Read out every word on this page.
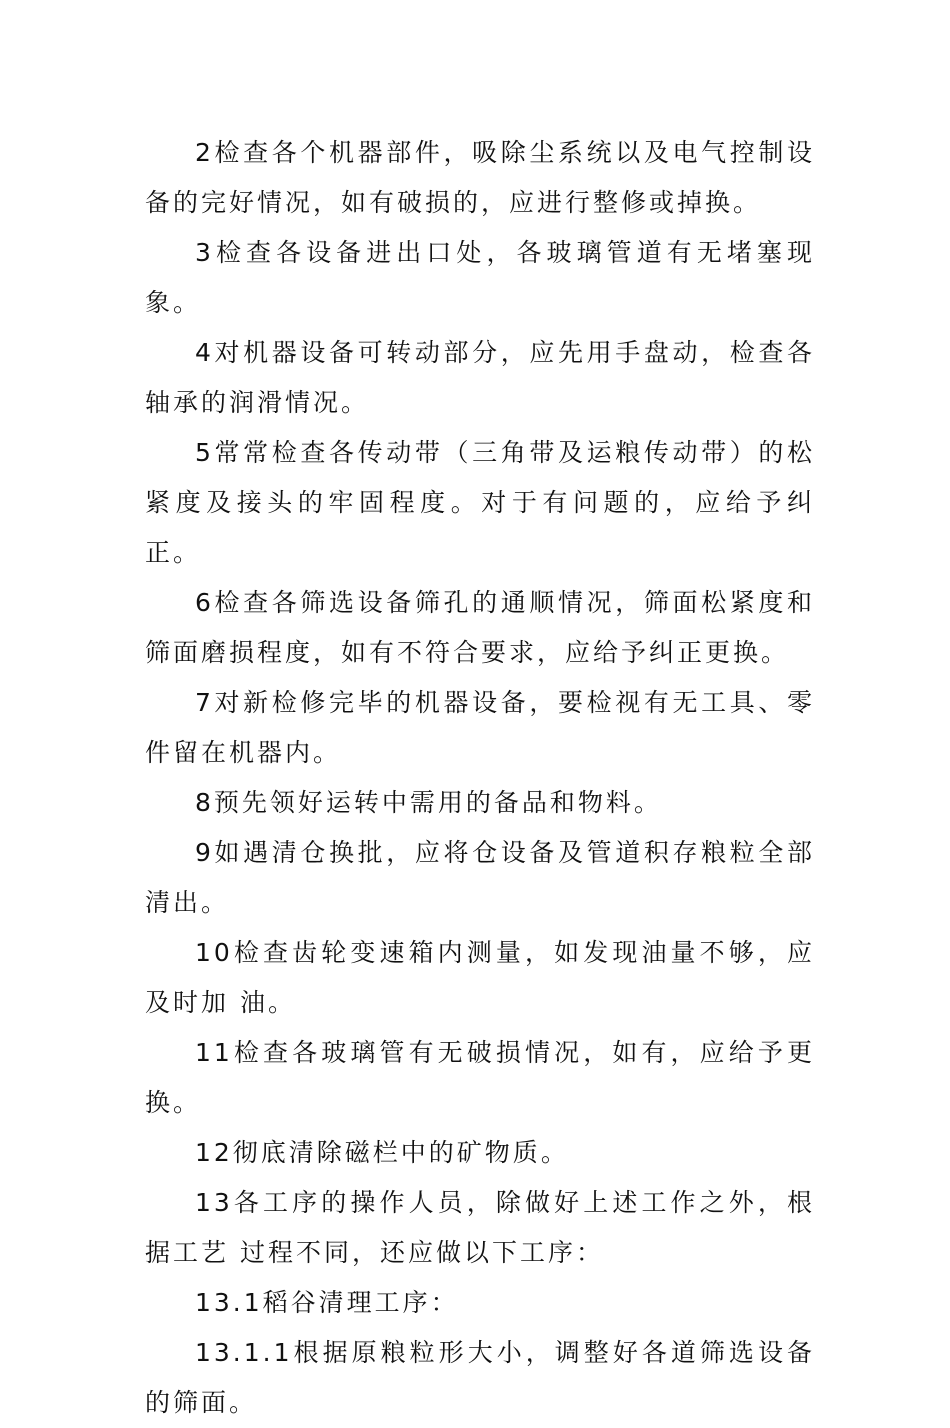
2检查各个机器部件，吸除尘系统以及电气控制设备的完好情况，如有破损的，应进行整修或掉换。

3检查各设备进出口处，各玻璃管道有无堵塞现象。

4对机器设备可转动部分，应先用手盘动，检查各轴承的润滑情况。

5常常检查各传动带（三角带及运粮传动带）的松紧度及接头的牢固程度。对于有问题的，应给予纠正。

6检查各筛选设备筛孔的通顺情况，筛面松紧度和筛面磨损程度，如有不符合要求，应给予纠正更换。

7对新检修完毕的机器设备，要检视有无工具、零件留在机器内。

8预先领好运转中需用的备品和物料。

9如遇清仓换批，应将仓设备及管道积存粮粒全部清出。

10检查齿轮变速箱内测量，如发现油量不够，应及时加 油。

11检查各玻璃管有无破损情况，如有，应给予更换。

12彻底清除磁栏中的矿物质。

13各工序的操作人员，除做好上述工作之外，根据工艺 过程不同，还应做以下工序：

13.1稻谷清理工序：

13.1.1根据原粮粒形大小，调整好各道筛选设备的筛面。
